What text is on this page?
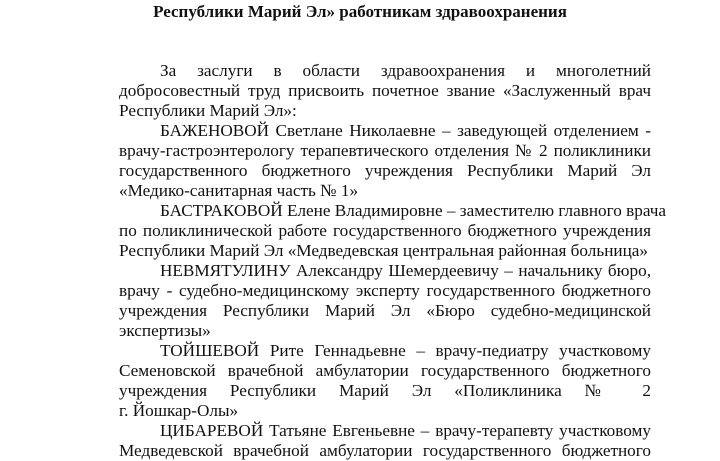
Республики Марий Эл» работникам здравоохранения
За заслуги в области здравоохранения и многолетний
добросовестный труд присвоить почетное звание «Заслуженный врач
Республики Марий Эл»:
БАЖЕНОВОЙ Светлане Николаевне – заведующей отделением -
врачу-гастроэнтерологу терапевтического отделения № 2 поликлиники
государственного бюджетного учреждения Республики Марий Эл
«Медико-санитарная часть № 1»
БАСТРАКОВОЙ Елене Владимировне – заместителю главного врача
по поликлинической работе государственного бюджетного учреждения
Республики Марий Эл «Медведевская центральная районная больница»
НЕВМЯТУЛИНУ Александру Шемердеевичу – начальнику бюро,
врачу - судебно-медицинскому эксперту государственного бюджетного
учреждения Республики Марий Эл «Бюро судебно-медицинской
экспертизы»
ТОЙШЕВОЙ Рите Геннадьевне – врачу-педиатру участковому
Семеновской врачебной амбулатории государственного бюджетного
учреждения Республики Марий Эл «Поликлиника № 2
г. Йошкар-Олы»
ЦИБАРЕВОЙ Татьяне Евгеньевне – врачу-терапевту участковому
Медведевской врачебной амбулатории государственного бюджетного
